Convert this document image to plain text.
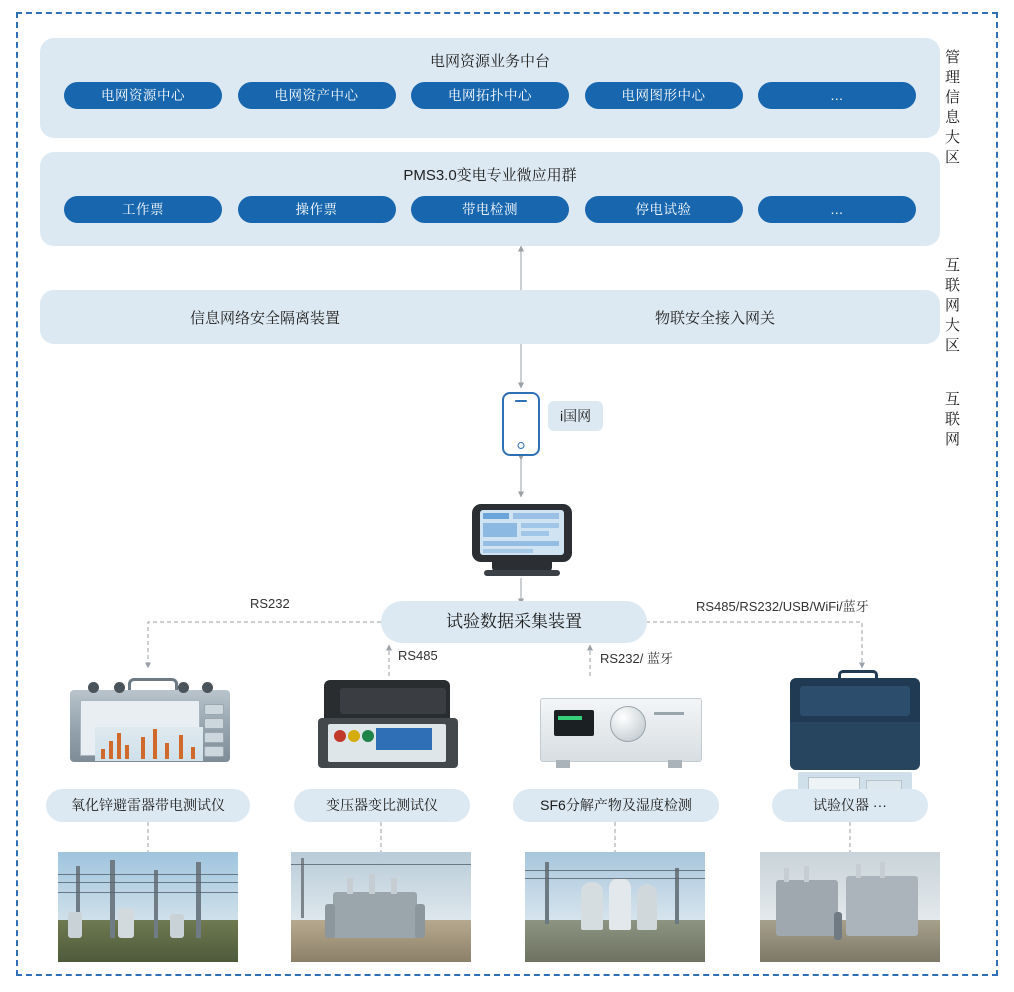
电网资源业务中台
电网资源中心	电网资产中心	电网拓扑中心	电网图形中心	...
PMS3.0变电专业微应用群
工作票	操作票	带电检测	停电试验	...
信息网络安全隔离装置	物联安全接入网关
管
理
信
息
大
区
互
联
网
大
区
互
联
网
i国网
试验数据采集装置
RS232
RS485	RS232/ 蓝牙
RS485/RS232/USB/WiFi/蓝牙
氧化锌避雷器带电测试仪	变压器变比测试仪	SF6分解产物及湿度检测	试验仪器 ···
